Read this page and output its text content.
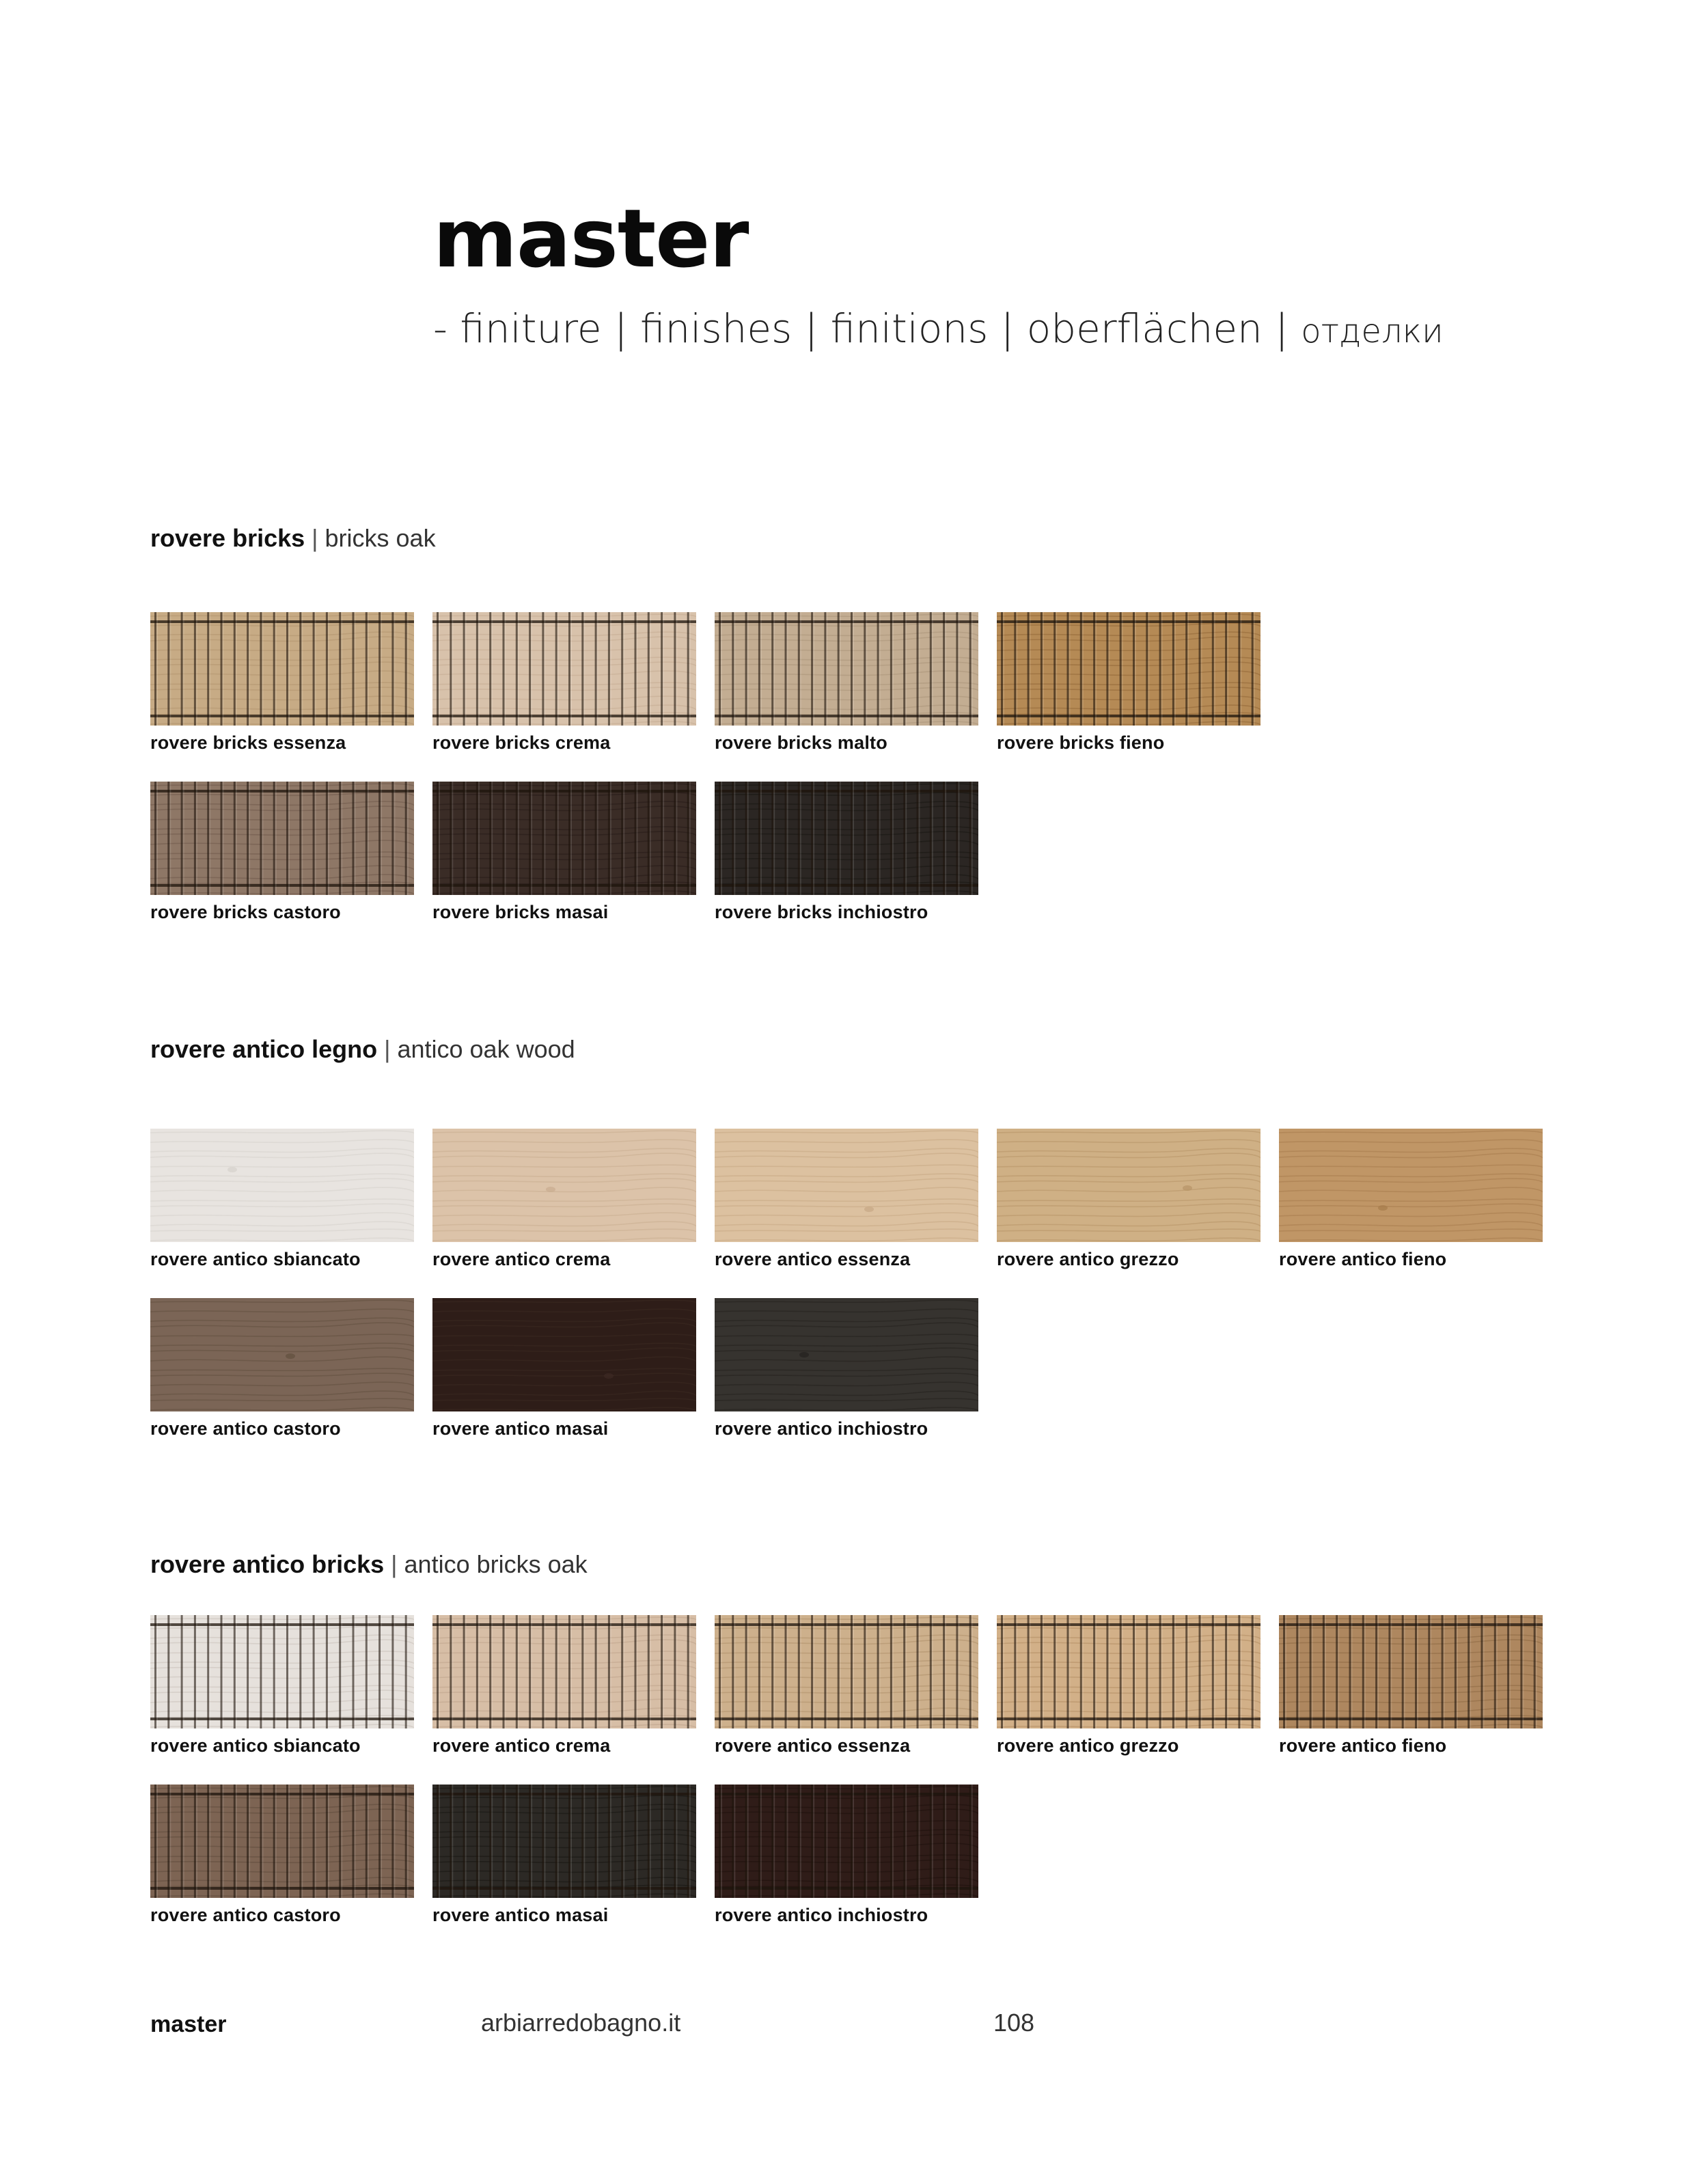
master
- finiture | finishes | finitions | oberflächen | отделки
rovere bricks | bricks oak
rovere bricks essenza	rovere bricks crema	rovere bricks malto	rovere bricks fieno
rovere bricks castoro	rovere bricks masai	rovere bricks inchiostro
rovere antico legno | antico oak wood
rovere antico sbiancato	rovere antico crema	rovere antico essenza	rovere antico grezzo	rovere antico fieno
rovere antico castoro	rovere antico masai	rovere antico inchiostro
rovere antico bricks | antico bricks oak
rovere antico sbiancato	rovere antico crema	rovere antico essenza	rovere antico grezzo	rovere antico fieno
rovere antico castoro	rovere antico masai	rovere antico inchiostro
master	arbiarredobagno.it	108
